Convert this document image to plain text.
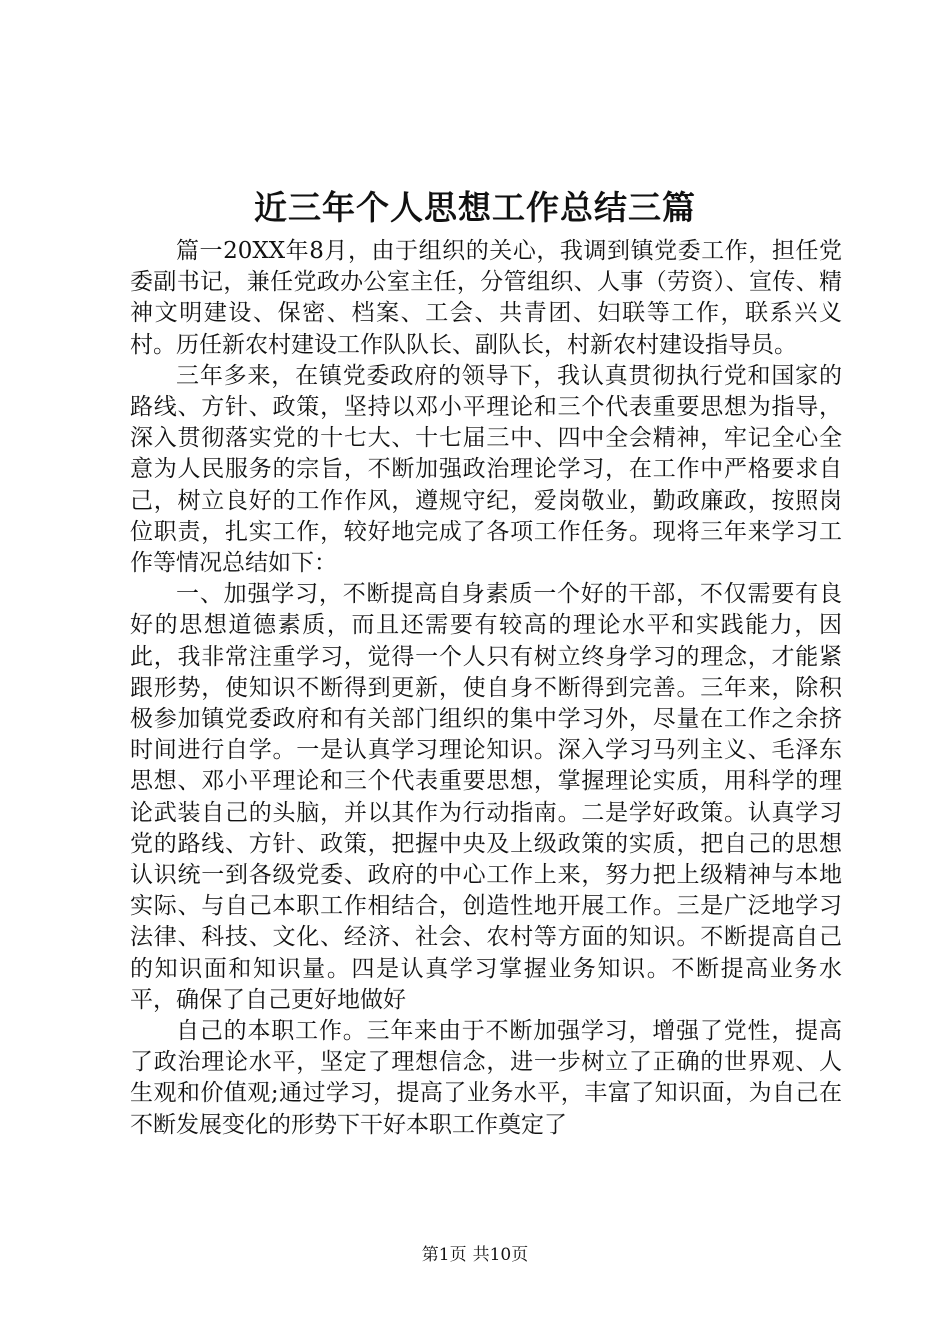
近三年个人思想工作总结三篇

篇一20XX年8月，由于组织的关心，我调到镇党委工作，担任党委副书记，兼任党政办公室主任，分管组织、人事（劳资）、宣传、精神文明建设、保密、档案、工会、共青团、妇联等工作，联系兴义村。历任新农村建设工作队队长、副队长，村新农村建设指导员。

三年多来，在镇党委政府的领导下，我认真贯彻执行党和国家的路线、方针、政策，坚持以邓小平理论和三个代表重要思想为指导，深入贯彻落实党的十七大、十七届三中、四中全会精神，牢记全心全意为人民服务的宗旨，不断加强政治理论学习，在工作中严格要求自己，树立良好的工作作风，遵规守纪，爱岗敬业，勤政廉政，按照岗位职责，扎实工作，较好地完成了各项工作任务。现将三年来学习工作等情况总结如下：

一、加强学习，不断提高自身素质一个好的干部，不仅需要有良好的思想道德素质，而且还需要有较高的理论水平和实践能力，因此，我非常注重学习，觉得一个人只有树立终身学习的理念，才能紧跟形势，使知识不断得到更新，使自身不断得到完善。三年来，除积极参加镇党委政府和有关部门组织的集中学习外，尽量在工作之余挤时间进行自学。一是认真学习理论知识。深入学习马列主义、毛泽东思想、邓小平理论和三个代表重要思想，掌握理论实质，用科学的理论武装自己的头脑，并以其作为行动指南。二是学好政策。认真学习党的路线、方针、政策，把握中央及上级政策的实质，把自己的思想认识统一到各级党委、政府的中心工作上来，努力把上级精神与本地实际、与自己本职工作相结合，创造性地开展工作。三是广泛地学习法律、科技、文化、经济、社会、农村等方面的知识。不断提高自己的知识面和知识量。四是认真学习掌握业务知识。不断提高业务水平，确保了自己更好地做好

自己的本职工作。三年来由于不断加强学习，增强了党性，提高了政治理论水平，坚定了理想信念，进一步树立了正确的世界观、人生观和价值观;通过学习，提高了业务水平，丰富了知识面，为自己在不断发展变化的形势下干好本职工作奠定了

第1页 共10页
